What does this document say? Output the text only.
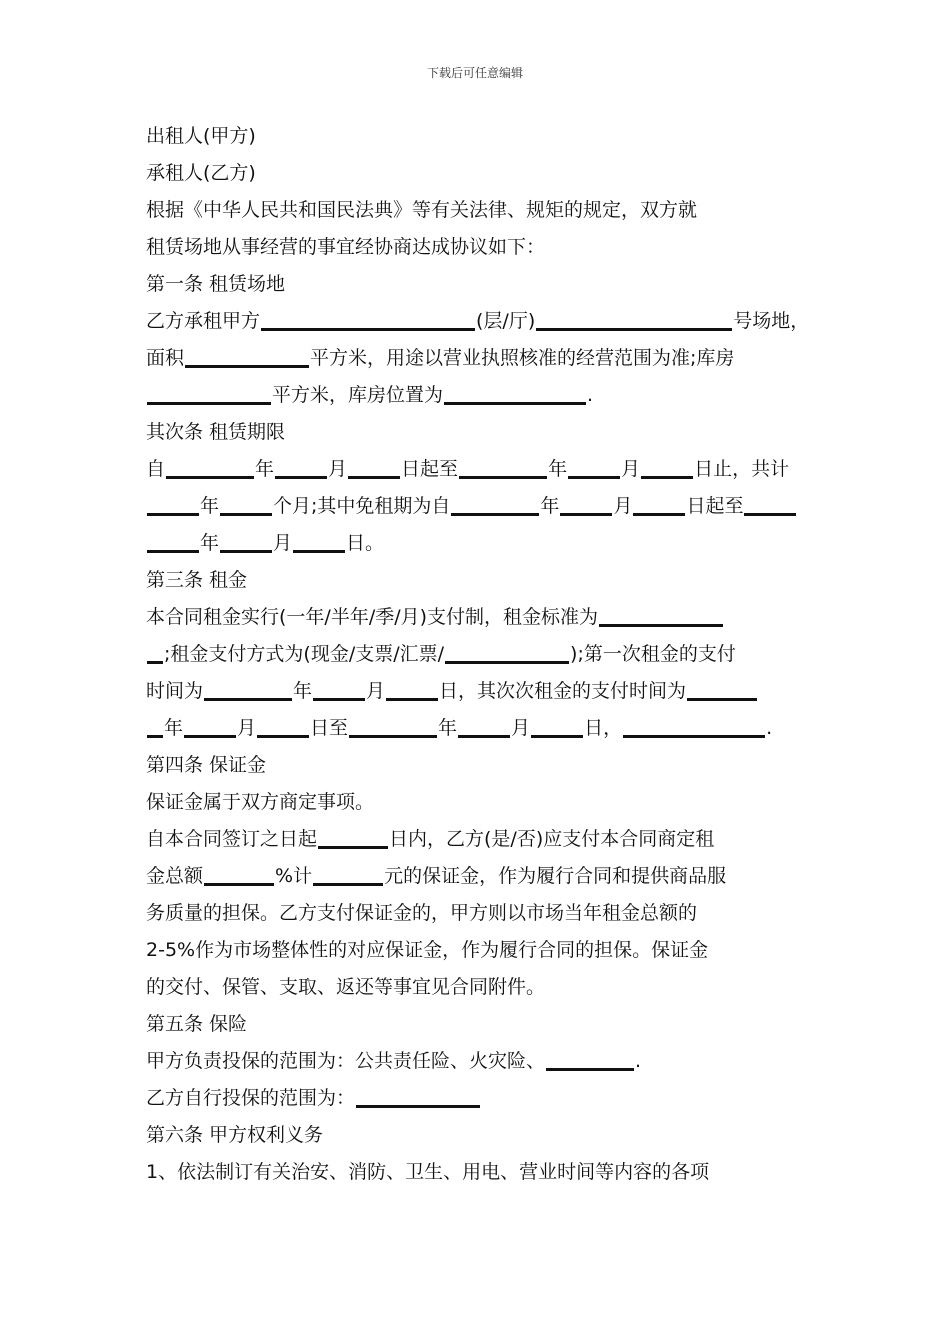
下载后可任意编辑
出租人(甲方)
承租人(乙方)
根据《中华人民共和国民法典》等有关法律、规矩的规定，双方就
租赁场地从事经营的事宜经协商达成协议如下：
第一条 租赁场地
乙方承租甲方	(层/厅)	号场地，
面积	平方米，用途以营业执照核准的经营范围为准;库房
平方米，库房位置为	.
其次条 租赁期限
自	年	月	日起至	年	月	日止，共计
年	个月;其中免租期为自	年	月	日起至
年	月	日。
第三条 租金
本合同租金实行(一年/半年/季/月)支付制，租金标准为
;租金支付方式为(现金/支票/汇票/	);第一次租金的支付
时间为	年	月	日，其次次租金的支付时间为
年	月	日至	年	月	日，	.
第四条 保证金
保证金属于双方商定事项。
自本合同签订之日起	日内，乙方(是/否)应支付本合同商定租
金总额	%计	元的保证金，作为履行合同和提供商品服
务质量的担保。乙方支付保证金的，甲方则以市场当年租金总额的
2-5%作为市场整体性的对应保证金，作为履行合同的担保。保证金
的交付、保管、支取、返还等事宜见合同附件。
第五条 保险
甲方负责投保的范围为：公共责任险、火灾险、	.
乙方自行投保的范围为：
第六条 甲方权利义务
1、依法制订有关治安、消防、卫生、用电、营业时间等内容的各项
